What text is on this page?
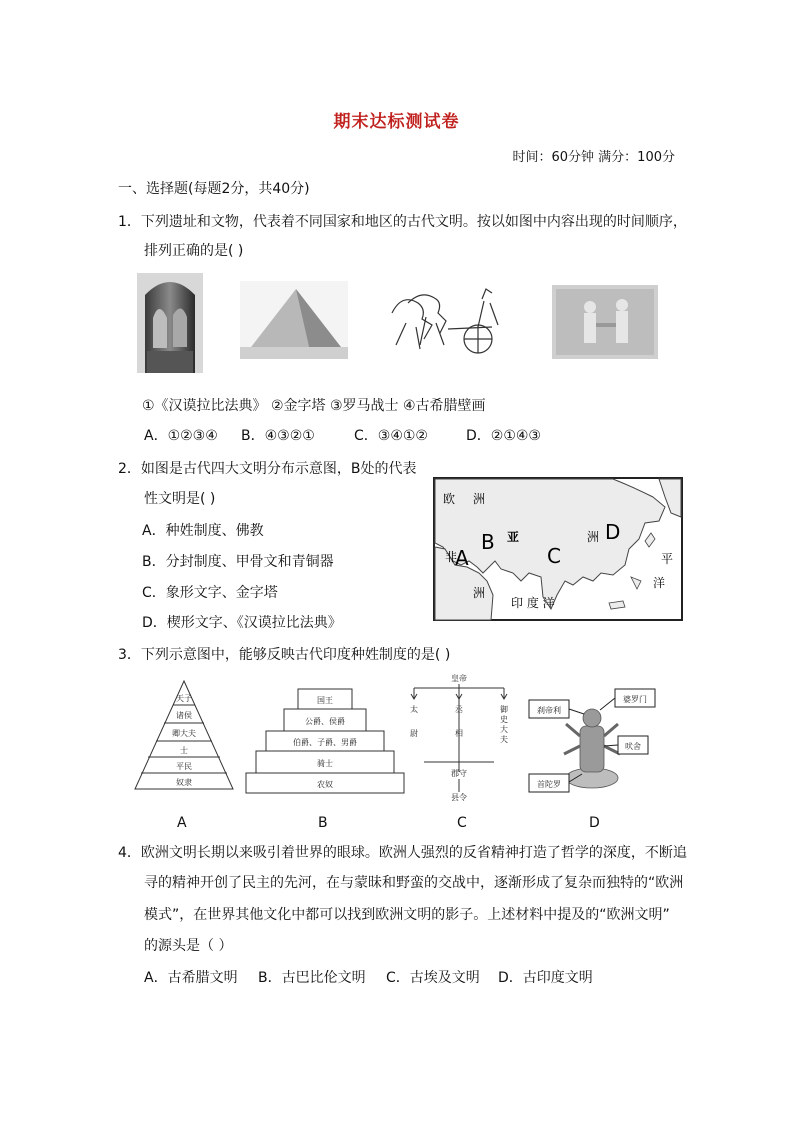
期末达标测试卷
时间：60分钟 满分：100分
一、选择题(每题2分，共40分)
1．下列遗址和文物，代表着不同国家和地区的古代文明。按以如图中内容出现的时间顺序，
排列正确的是( )
①《汉谟拉比法典》 ②金字塔 ③罗马战士 ④古希腊壁画
A．①②③④ B．④③②①	C．③④①②	D．②①④③
2．如图是古代四大文明分布示意图，B处的代表
性文明是( )
A．种姓制度、佛教
B．分封制度、甲骨文和青铜器
C．象形文字、金字塔
D．楔形文字、《汉谟拉比法典》
欧 洲
非
洲
亚	洲
印 度 洋
平
洋
A
B
C
D
3．下列示意图中，能够反映古代印度种姓制度的是( )
天子
诸侯
卿大夫
士
平民
奴隶
国王
公爵、侯爵
伯爵、子爵、男爵
骑士
农奴
皇帝
太
尉
丞
相
御
史
大
夫
郡守
县令
刹帝利
婆罗门
吠舍
首陀罗
A	B	C	D
4．欧洲文明长期以来吸引着世界的眼球。欧洲人强烈的反省精神打造了哲学的深度，不断追
寻的精神开创了民主的先河，在与蒙昧和野蛮的交战中，逐渐形成了复杂而独特的“欧洲
模式”，在世界其他文化中都可以找到欧洲文明的影子。上述材料中提及的“欧洲文明”
的源头是（ ）
A．古希腊文明 B．古巴比伦文明 C．古埃及文明 D．古印度文明
